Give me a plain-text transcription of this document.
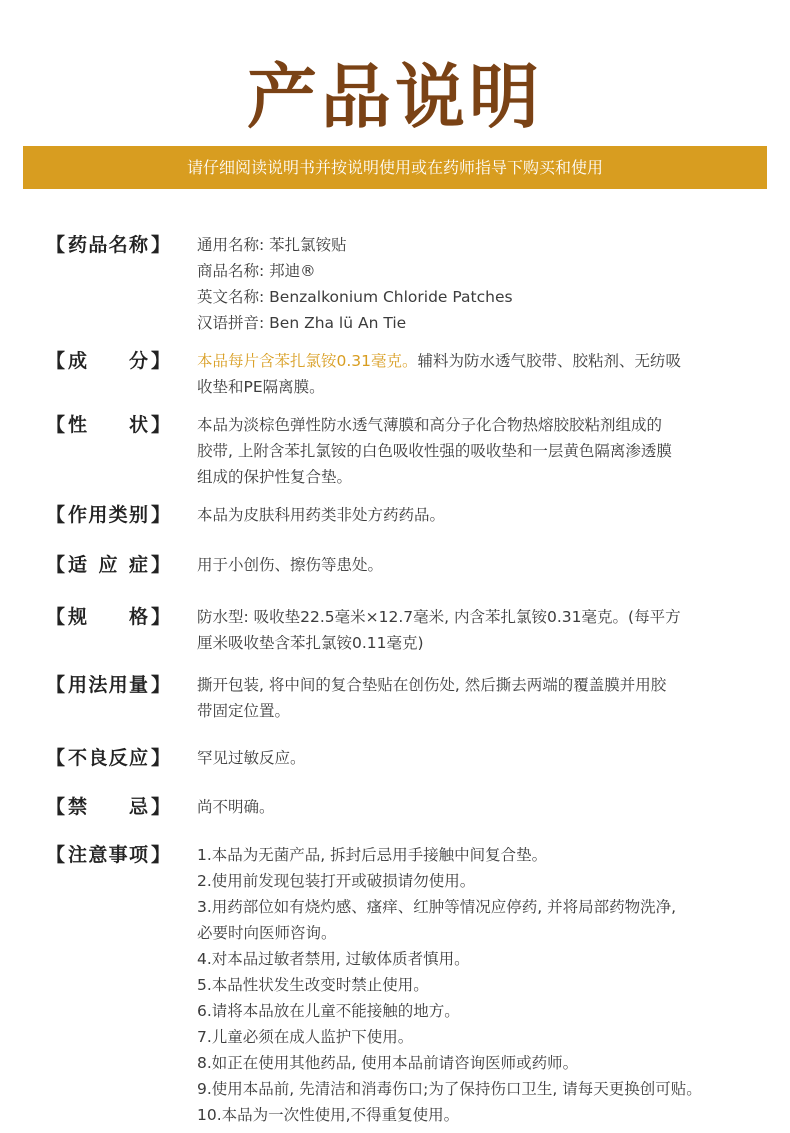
产品说明
请仔细阅读说明书并按说明使用或在药师指导下购买和使用
【 药品名称 】 通用名称: 苯扎氯铵贴
商品名称: 邦迪®
英文名称: Benzalkonium Chloride Patches
汉语拼音: Ben Zha lü An Tie
【 成　分 】 本品每片含苯扎氯铵0.31毫克。辅料为防水透气胶带、胶粘剂、无纺吸
收垫和PE隔离膜。
【 性　状 】 本品为淡棕色弹性防水透气薄膜和高分子化合物热熔胶胶粘剂组成的
胶带, 上附含苯扎氯铵的白色吸收性强的吸收垫和一层黄色隔离渗透膜
组成的保护性复合垫。
【 作用类别 】 本品为皮肤科用药类非处方药药品。
【 适应症 】 用于小创伤、擦伤等患处。
【 规　格 】 防水型: 吸收垫22.5毫米×12.7毫米, 内含苯扎氯铵0.31毫克。(每平方
厘米吸收垫含苯扎氯铵0.11毫克)
【 用法用量 】 撕开包装, 将中间的复合垫贴在创伤处, 然后撕去两端的覆盖膜并用胶
带固定位置。
【 不良反应 】 罕见过敏反应。
【 禁　忌 】 尚不明确。
【 注意事项 】 1.本品为无菌产品, 拆封后忌用手接触中间复合垫。
2.使用前发现包装打开或破损请勿使用。
3.用药部位如有烧灼感、瘙痒、红肿等情况应停药, 并将局部药物洗净,
必要时向医师咨询。
4.对本品过敏者禁用, 过敏体质者慎用。
5.本品性状发生改变时禁止使用。
6.请将本品放在儿童不能接触的地方。
7.儿童必须在成人监护下使用。
8.如正在使用其他药品, 使用本品前请咨询医师或药师。
9.使用本品前, 先清洁和消毒伤口;为了保持伤口卫生, 请每天更换创可贴。
10.本品为一次性使用,不得重复使用。
